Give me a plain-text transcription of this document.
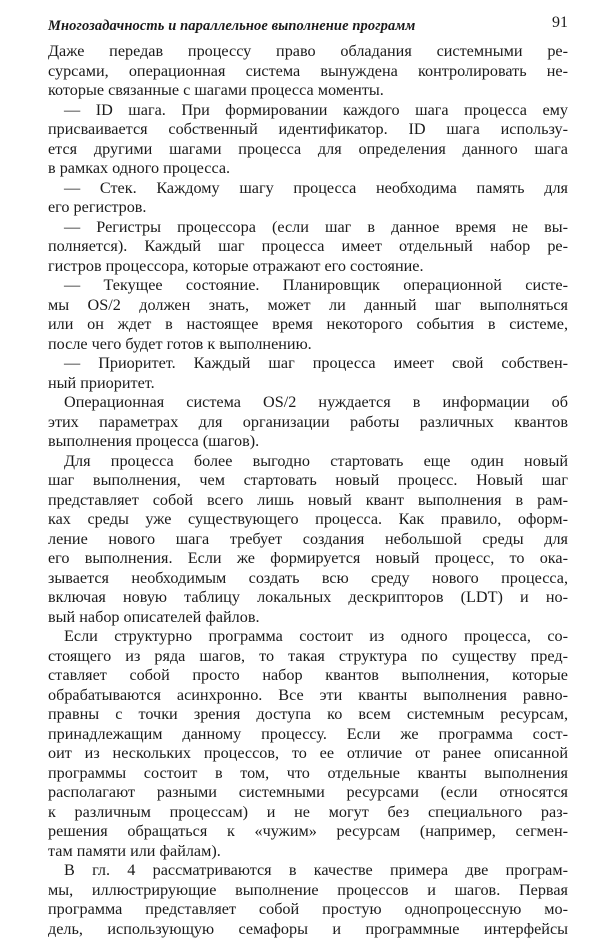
Многозадачность и параллельное выполнение программ	91
Даже передав процессу право обладания системными ре-
сурсами, операционная система вынуждена контролировать не-
которые связанные с шагами процесса моменты.
— ID шага. При формировании каждого шага процесса ему
присваивается собственный идентификатор. ID шага использу-
ется другими шагами процесса для определения данного шага
в рамках одного процесса.
— Стек. Каждому шагу процесса необходима память для
его регистров.
— Регистры процессора (если шаг в данное время не вы-
полняется). Каждый шаг процесса имеет отдельный набор ре-
гистров процессора, которые отражают его состояние.
— Текущее состояние. Планировщик операционной систе-
мы OS/2 должен знать, может ли данный шаг выполняться
или он ждет в настоящее время некоторого события в системе,
после чего будет готов к выполнению.
— Приоритет. Каждый шаг процесса имеет свой собствен-
ный приоритет.
Операционная система OS/2 нуждается в информации об
этих параметрах для организации работы различных квантов
выполнения процесса (шагов).
Для процесса более выгодно стартовать еще один новый
шаг выполнения, чем стартовать новый процесс. Новый шаг
представляет собой всего лишь новый квант выполнения в рам-
ках среды уже существующего процесса. Как правило, оформ-
ление нового шага требует создания небольшой среды для
его выполнения. Если же формируется новый процесс, то ока-
зывается необходимым создать всю среду нового процесса,
включая новую таблицу локальных дескрипторов (LDT) и но-
вый набор описателей файлов.
Если структурно программа состоит из одного процесса, со-
стоящего из ряда шагов, то такая структура по существу пред-
ставляет собой просто набор квантов выполнения, которые
обрабатываются асинхронно. Все эти кванты выполнения равно-
правны с точки зрения доступа ко всем системным ресурсам,
принадлежащим данному процессу. Если же программа сост-
оит из нескольких процессов, то ее отличие от ранее описанной
программы состоит в том, что отдельные кванты выполнения
располагают разными системными ресурсами (если относятся
к различным процессам) и не могут без специального раз-
решения обращаться к «чужим» ресурсам (например, сегмен-
там памяти или файлам).
В гл. 4 рассматриваются в качестве примера две програм-
мы, иллюстрирующие выполнение процессов и шагов. Первая
программа представляет собой простую однопроцессную мо-
дель, использующую семафоры и программные интерфейсы
